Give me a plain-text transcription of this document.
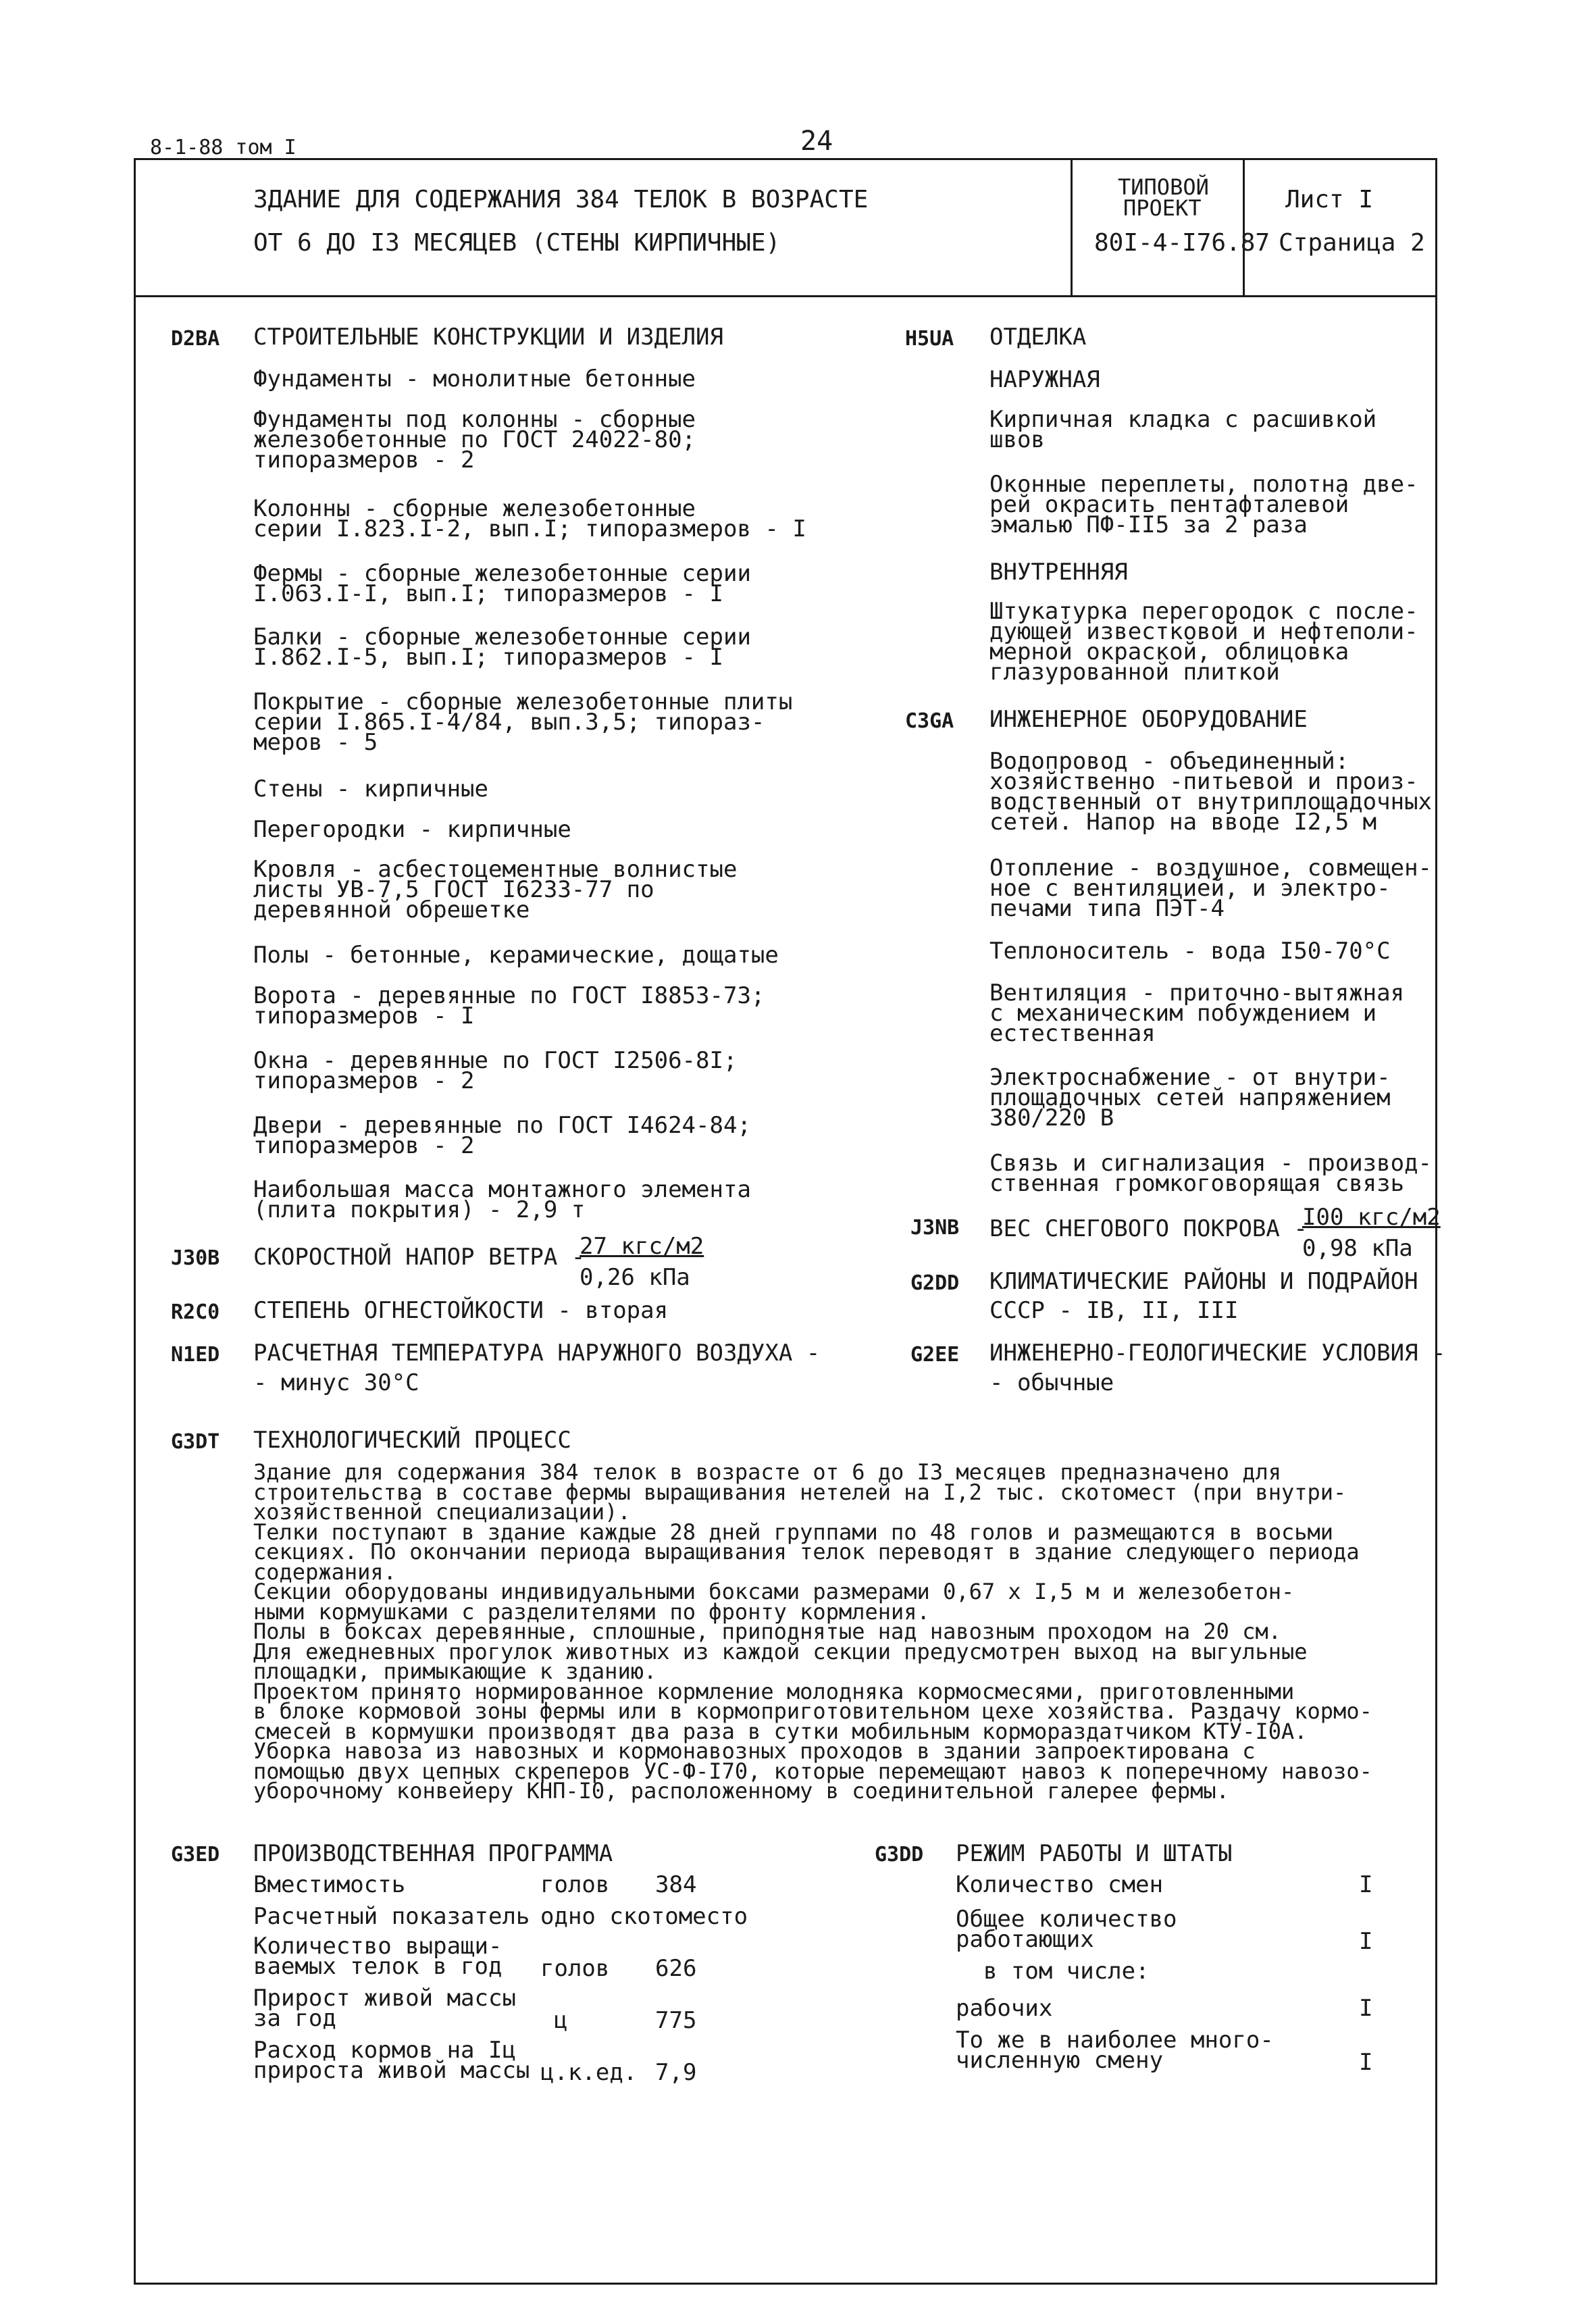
8-1-88 том I	24
ЗДАНИЕ ДЛЯ СОДЕРЖАНИЯ 384 ТЕЛОК В ВОЗРАСТЕ
ОТ 6 ДО I3 МЕСЯЦЕВ (СТЕНЫ КИРПИЧНЫЕ)
ТИПОВОЙ
ПРОЕКТ
80I-4-I76.87
Лист I
Страница 2
D2BA СТРОИТЕЛЬНЫЕ КОНСТРУКЦИИ И ИЗДЕЛИЯ
Фундаменты - монолитные бетонные
Фундаменты под колонны - сборные
железобетонные по ГОСТ 24022-80;
типоразмеров - 2
Колонны - сборные железобетонные
серии I.823.I-2, вып.I; типоразмеров - I
Фермы - сборные железобетонные серии
I.063.I-I, вып.I; типоразмеров - I
Балки - сборные железобетонные серии
I.862.I-5, вып.I; типоразмеров - I
Покрытие - сборные железобетонные плиты
серии I.865.I-4/84, вып.3,5; типораз-
меров - 5
Стены - кирпичные
Перегородки - кирпичные
Кровля - асбестоцементные волнистые
листы УВ-7,5 ГОСТ I6233-77 по
деревянной обрешетке
Полы - бетонные, керамические, дощатые
Ворота - деревянные по ГОСТ I8853-73;
типоразмеров - I
Окна - деревянные по ГОСТ I2506-8I;
типоразмеров - 2
Двери - деревянные по ГОСТ I4624-84;
типоразмеров - 2
Наибольшая масса монтажного элемента
(плита покрытия) - 2,9 т
J30B СКОРОСТНОЙ НАПОР ВЕТРА -
27 кгс/м2
0,26 кПа
R2C0 СТЕПЕНЬ ОГНЕСТОЙКОСТИ - вторая
N1ED РАСЧЕТНАЯ ТЕМПЕРАТУРА НАРУЖНОГО ВОЗДУХА -
- минус 30°С
H5UA ОТДЕЛКА
НАРУЖНАЯ
Кирпичная кладка с расшивкой
швов
Оконные переплеты, полотна две-
рей окрасить пентафталевой
эмалью ПФ-II5 за 2 раза
ВНУТРЕННЯЯ
Штукатурка перегородок с после-
дующей известковой и нефтеполи-
мерной окраской, облицовка
глазурованной плиткой
C3GA ИНЖЕНЕРНОЕ ОБОРУДОВАНИЕ
Водопровод - объединенный:
хозяйственно -питьевой и произ-
водственный от внутриплощадочных
сетей. Напор на вводе I2,5 м
Отопление - воздушное, совмещен-
ное с вентиляцией, и электро-
печами типа ПЭТ-4
Теплоноситель - вода I50-70°С
Вентиляция - приточно-вытяжная
с механическим побуждением и
естественная
Электроснабжение - от внутри-
площадочных сетей напряжением
380/220 В
Связь и сигнализация - производ-
ственная громкоговорящая связь
J3NB ВЕС СНЕГОВОГО ПОКРОВА -
I00 кгс/м2
0,98 кПа
G2DD КЛИМАТИЧЕСКИЕ РАЙОНЫ И ПОДРАЙОН
СССР - IВ, II, III
G2EE ИНЖЕНЕРНО-ГЕОЛОГИЧЕСКИЕ УСЛОВИЯ -
- обычные
G3DT ТЕХНОЛОГИЧЕСКИЙ ПРОЦЕСС
Здание для содержания 384 телок в возрасте от 6 до I3 месяцев предназначено для
строительства в составе фермы выращивания нетелей на I,2 тыс. скотомест (при внутри-
хозяйственной специализации).
Телки поступают в здание каждые 28 дней группами по 48 голов и размещаются в восьми
секциях. По окончании периода выращивания телок переводят в здание следующего периода
содержания.
Секции оборудованы индивидуальными боксами размерами 0,67 х I,5 м и железобетон-
ными кормушками с разделителями по фронту кормления.
Полы в боксах деревянные, сплошные, приподнятые над навозным проходом на 20 см.
Для ежедневных прогулок животных из каждой секции предусмотрен выход на выгульные
площадки, примыкающие к зданию.
Проектом принято нормированное кормление молодняка кормосмесями, приготовленными
в блоке кормовой зоны фермы или в кормоприготовительном цехе хозяйства. Раздачу кормо-
смесей в кормушки производят два раза в сутки мобильным кормораздатчиком КТУ-I0А.
Уборка навоза из навозных и кормонавозных проходов в здании запроектирована с
помощью двух цепных скреперов УС-Ф-I70, которые перемещают навоз к поперечному навозо-
уборочному конвейеру КНП-I0, расположенному в соединительной галерее фермы.
G3ED ПРОИЗВОДСТВЕННАЯ ПРОГРАММА
Вместимость	голов 384
Расчетный показатель одно скотоместо
Количество выращи-
ваемых телок в год голов 626
Прирост живой массы
за год	ц	775
Расход кормов на Iц
прироста живой массы ц.к.ед. 7,9
G3DD РЕЖИМ РАБОТЫ И ШТАТЫ
Количество смен	I
Общее количество
работающих	I
в том числе:
рабочих	I
То же в наиболее много-
численную смену	I
